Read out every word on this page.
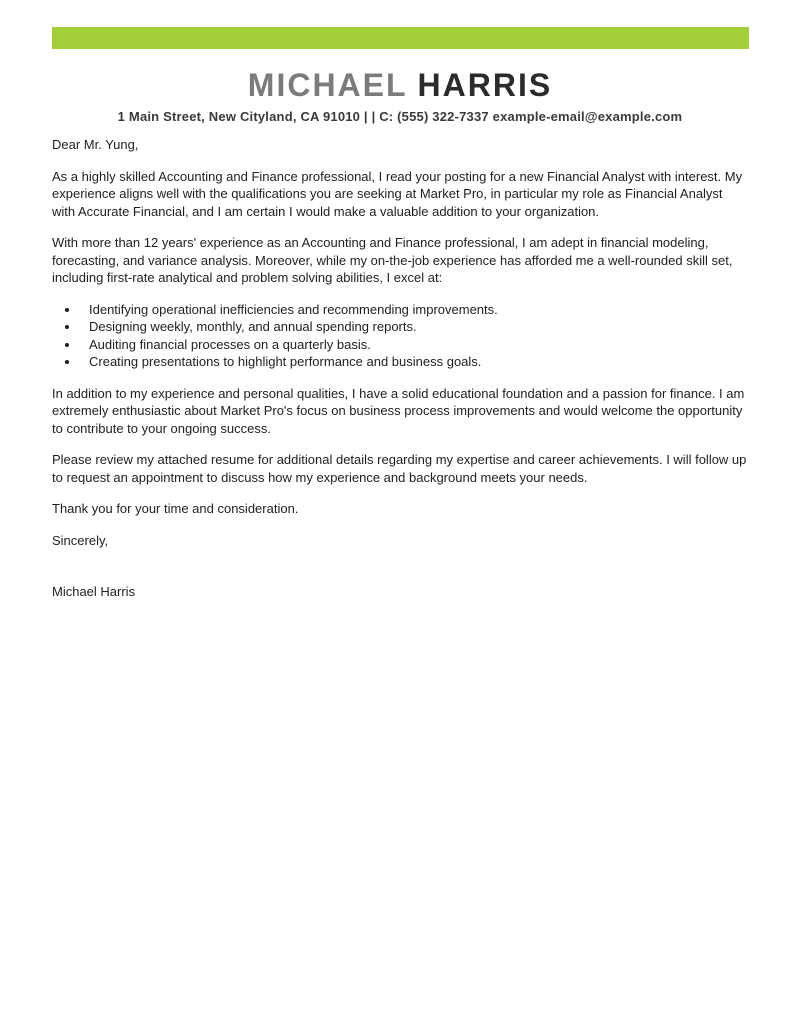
MICHAEL HARRIS
1 Main Street, New Cityland, CA 91010 | | C: (555) 322-7337 example-email@example.com

Dear Mr. Yung,

As a highly skilled Accounting and Finance professional, I read your posting for a new Financial Analyst with interest. My experience aligns well with the qualifications you are seeking at Market Pro, in particular my role as Financial Analyst with Accurate Financial, and I am certain I would make a valuable addition to your organization.

With more than 12 years' experience as an Accounting and Finance professional, I am adept in financial modeling, forecasting, and variance analysis. Moreover, while my on-the-job experience has afforded me a well-rounded skill set, including first-rate analytical and problem solving abilities, I excel at:

• Identifying operational inefficiencies and recommending improvements.
• Designing weekly, monthly, and annual spending reports.
• Auditing financial processes on a quarterly basis.
• Creating presentations to highlight performance and business goals.

In addition to my experience and personal qualities, I have a solid educational foundation and a passion for finance. I am extremely enthusiastic about Market Pro's focus on business process improvements and would welcome the opportunity to contribute to your ongoing success.

Please review my attached resume for additional details regarding my expertise and career achievements. I will follow up to request an appointment to discuss how my experience and background meets your needs.

Thank you for your time and consideration.

Sincerely,

Michael Harris
